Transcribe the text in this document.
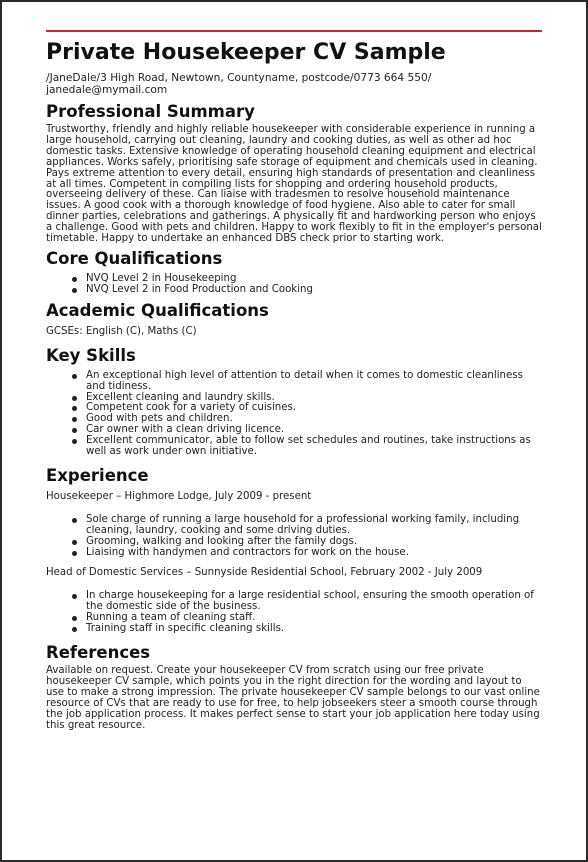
Private Housekeeper CV Sample
/JaneDale/3 High Road, Newtown, Countyname, postcode/0773 664 550/
janedale@mymail.com
Professional Summary

Trustworthy, friendly and highly reliable housekeeper with considerable experience in running a large household, carrying out cleaning, laundry and cooking duties, as well as other ad hoc domestic tasks. Extensive knowledge of operating household cleaning equipment and electrical appliances. Works safely, prioritising safe storage of equipment and chemicals used in cleaning. Pays extreme attention to every detail, ensuring high standards of presentation and cleanliness at all times. Competent in compiling lists for shopping and ordering household products, overseeing delivery of these. Can liaise with tradesmen to resolve household maintenance issues. A good cook with a thorough knowledge of food hygiene. Also able to cater for small dinner parties, celebrations and gatherings. A physically fit and hardworking person who enjoys a challenge. Good with pets and children. Happy to work flexibly to fit in the employer's personal timetable. Happy to undertake an enhanced DBS check prior to starting work.

Core Qualifications
NVQ Level 2 in Housekeeping
NVQ Level 2 in Food Production and Cooking
Academic Qualifications
GCSEs: English (C), Maths (C)
Key Skills
An exceptional high level of attention to detail when it comes to domestic cleanliness and tidiness.
Excellent cleaning and laundry skills.
Competent cook for a variety of cuisines.
Good with pets and children.
Car owner with a clean driving licence.
Excellent communicator, able to follow set schedules and routines, take instructions as well as work under own initiative.
Experience
Housekeeper – Highmore Lodge, July 2009 - present
Sole charge of running a large household for a professional working family, including cleaning, laundry, cooking and some driving duties.
Grooming, walking and looking after the family dogs.
Liaising with handymen and contractors for work on the house.
Head of Domestic Services – Sunnyside Residential School, February 2002 - July 2009
In charge housekeeping for a large residential school, ensuring the smooth operation of the domestic side of the business.
Running a team of cleaning staff.
Training staff in specific cleaning skills.
References

Available on request. Create your housekeeper CV from scratch using our free private housekeeper CV sample, which points you in the right direction for the wording and layout to use to make a strong impression. The private housekeeper CV sample belongs to our vast online resource of CVs that are ready to use for free, to help jobseekers steer a smooth course through the job application process. It makes perfect sense to start your job application here today using this great resource.
